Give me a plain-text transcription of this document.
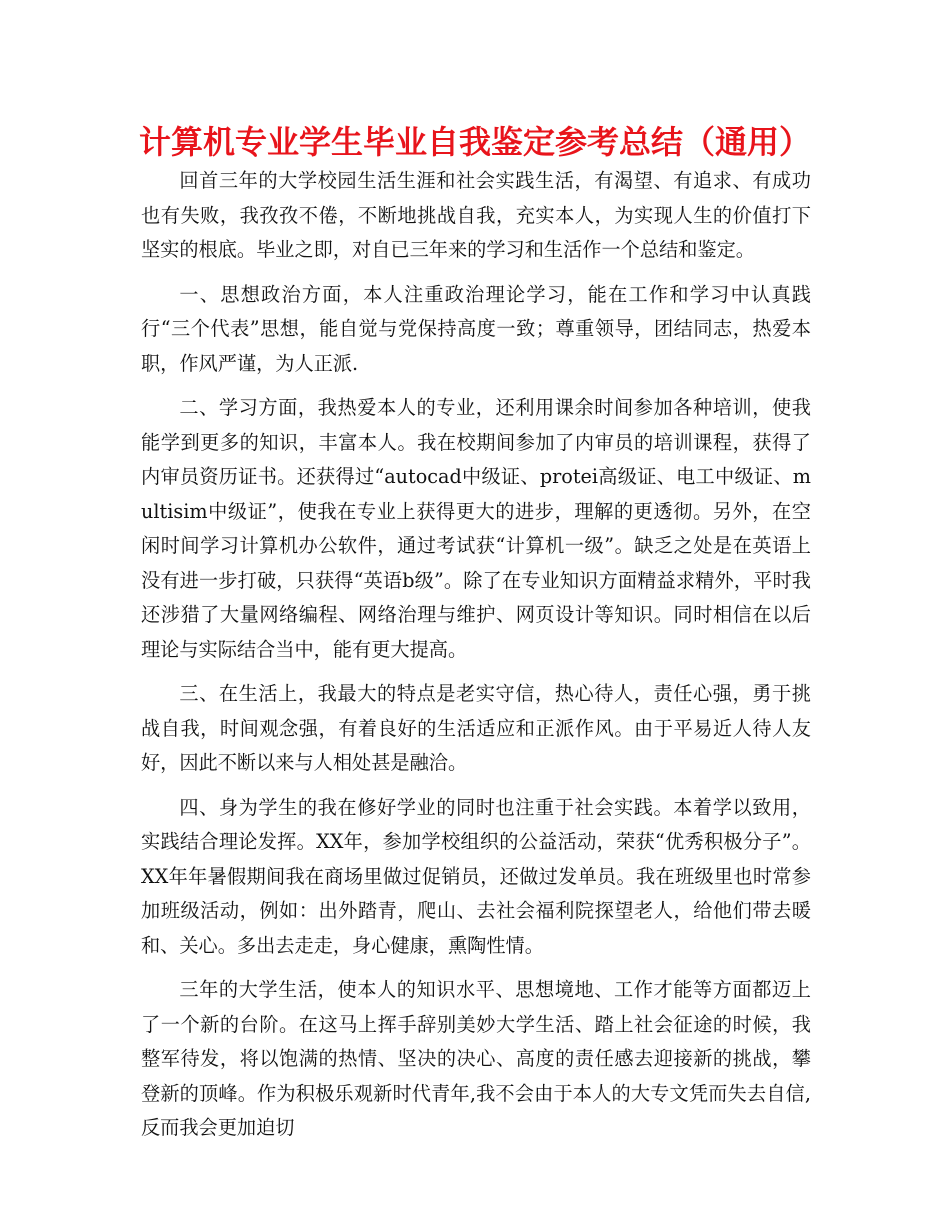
计算机专业学生毕业自我鉴定参考总结（通用）

回首三年的大学校园生活生涯和社会实践生活，有渴望、有追求、有成功也有失败，我孜孜不倦，不断地挑战自我，充实本人，为实现人生的价值打下坚实的根底。毕业之即，对自已三年来的学习和生活作一个总结和鉴定。

一、思想政治方面，本人注重政治理论学习，能在工作和学习中认真践行“三个代表”思想，能自觉与党保持高度一致；尊重领导，团结同志，热爱本职，作风严谨，为人正派.

二、学习方面，我热爱本人的专业，还利用课余时间参加各种培训，使我能学到更多的知识，丰富本人。我在校期间参加了内审员的培训课程，获得了内审员资历证书。还获得过“autocad中级证、protei高级证、电工中级证、multisim中级证”，使我在专业上获得更大的进步，理解的更透彻。另外，在空闲时间学习计算机办公软件，通过考试获“计算机一级”。缺乏之处是在英语上没有进一步打破，只获得“英语b级”。除了在专业知识方面精益求精外，平时我还涉猎了大量网络编程、网络治理与维护、网页设计等知识。同时相信在以后理论与实际结合当中，能有更大提高。

三、在生活上，我最大的特点是老实守信，热心待人，责任心强，勇于挑战自我，时间观念强，有着良好的生活适应和正派作风。由于平易近人待人友好，因此不断以来与人相处甚是融洽。

四、身为学生的我在修好学业的同时也注重于社会实践。本着学以致用，实践结合理论发挥。XX年，参加学校组织的公益活动，荣获“优秀积极分子”。XX年年暑假期间我在商场里做过促销员，还做过发单员。我在班级里也时常参加班级活动，例如：出外踏青，爬山、去社会福利院探望老人，给他们带去暖和、关心。多出去走走，身心健康，熏陶性情。

三年的大学生活，使本人的知识水平、思想境地、工作才能等方面都迈上了一个新的台阶。在这马上挥手辞别美妙大学生活、踏上社会征途的时候，我整军待发，将以饱满的热情、坚决的决心、高度的责任感去迎接新的挑战，攀登新的顶峰。作为积极乐观新时代青年,我不会由于本人的大专文凭而失去自信,反而我会更加迫切
